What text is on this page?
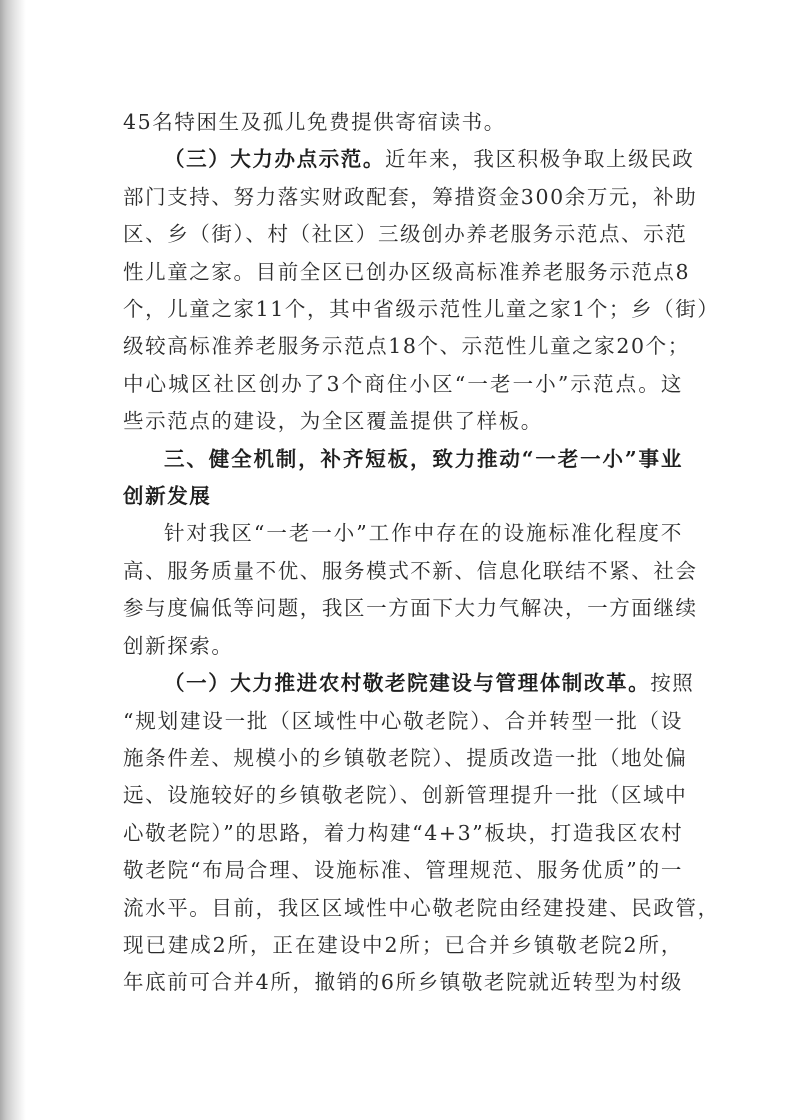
45名特困生及孤儿免费提供寄宿读书。

（三）大力办点示范。近年来，我区积极争取上级民政

部门支持、努力落实财政配套，筹措资金300余万元，补助

区、乡（街）、村（社区）三级创办养老服务示范点、示范

性儿童之家。目前全区已创办区级高标准养老服务示范点8

个，儿童之家11个，其中省级示范性儿童之家1个；乡（街）

级较高标准养老服务示范点18个、示范性儿童之家20个；

中心城区社区创办了3个商住小区“一老一小”示范点。这

些示范点的建设，为全区覆盖提供了样板。

三、健全机制，补齐短板，致力推动“一老一小”事业

创新发展

针对我区“一老一小”工作中存在的设施标准化程度不

高、服务质量不优、服务模式不新、信息化联结不紧、社会

参与度偏低等问题，我区一方面下大力气解决，一方面继续

创新探索。

（一）大力推进农村敬老院建设与管理体制改革。按照

“规划建设一批（区域性中心敬老院）、合并转型一批（设

施条件差、规模小的乡镇敬老院）、提质改造一批（地处偏

远、设施较好的乡镇敬老院）、创新管理提升一批（区域中

心敬老院）”的思路，着力构建“4+3”板块，打造我区农村

敬老院“布局合理、设施标准、管理规范、服务优质”的一

流水平。目前，我区区域性中心敬老院由经建投建、民政管，

现已建成2所，正在建设中2所；已合并乡镇敬老院2所，

年底前可合并4所，撤销的6所乡镇敬老院就近转型为村级
